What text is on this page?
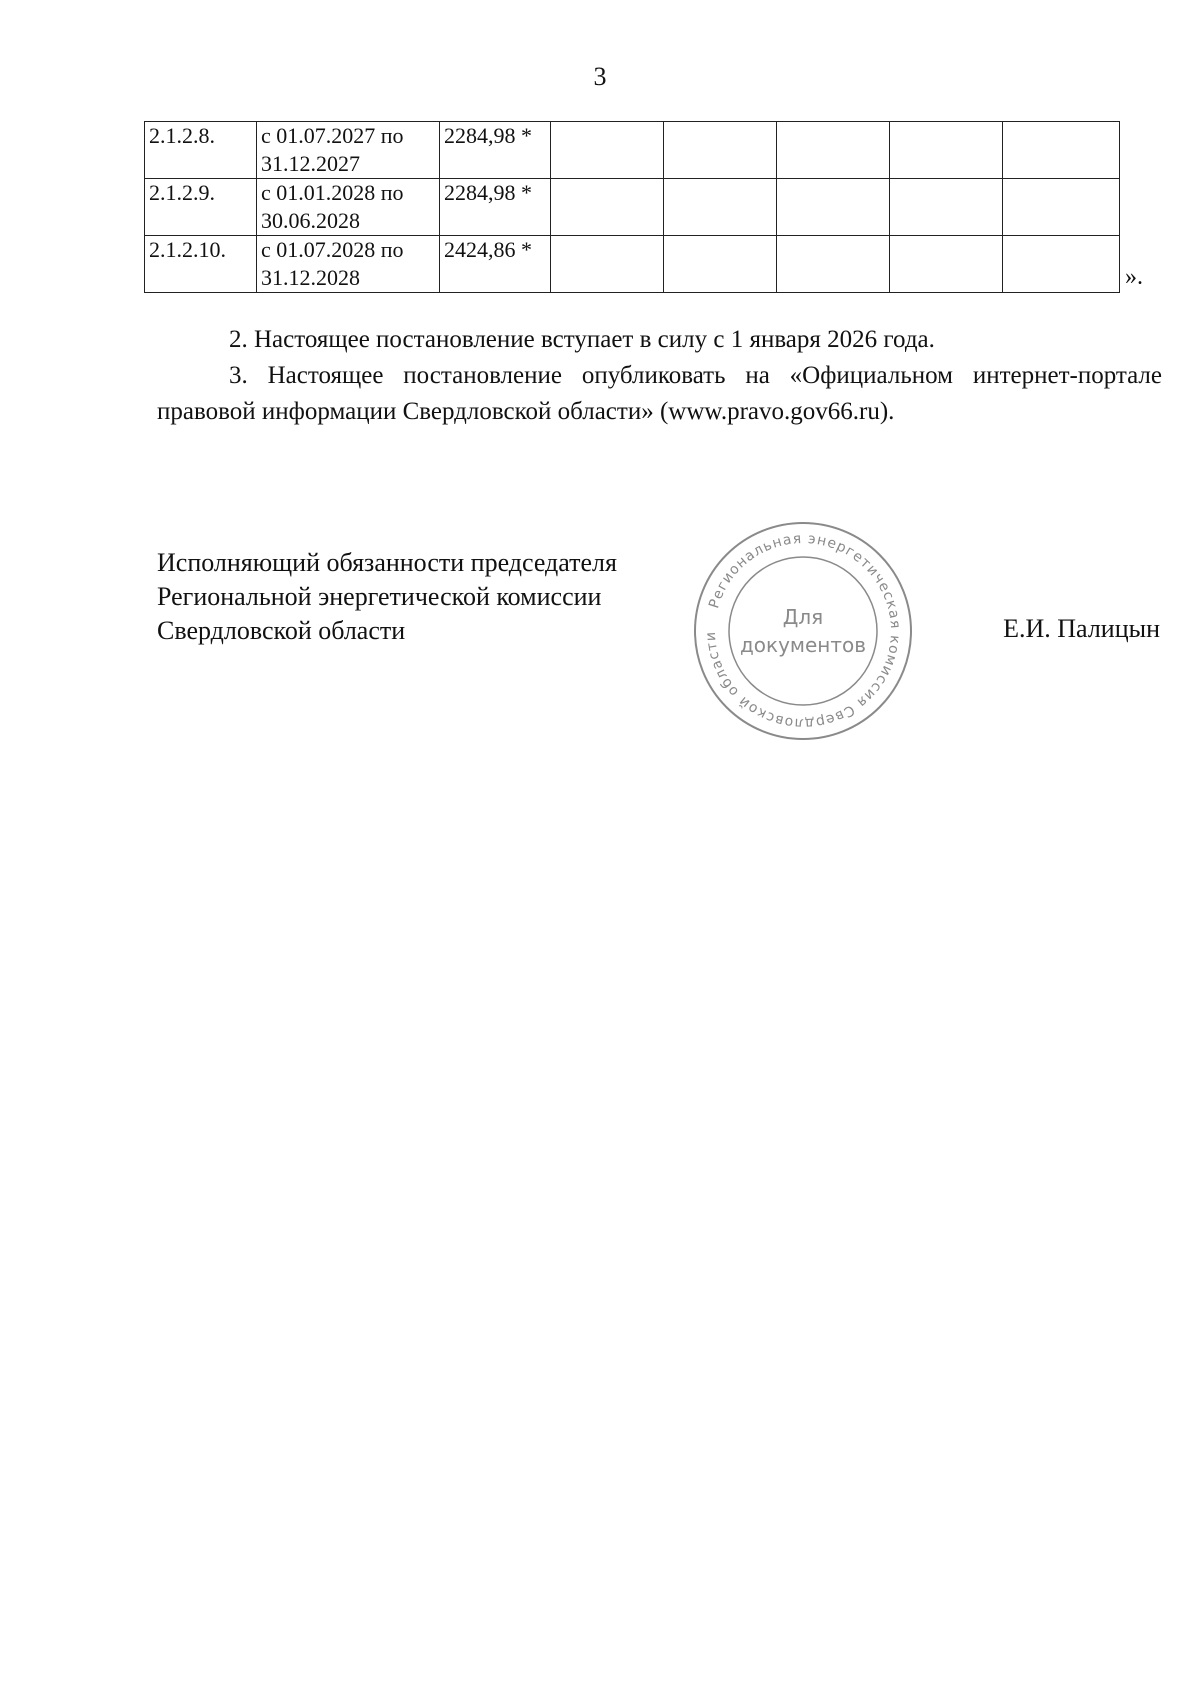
3
2.1.2.8.	с 01.07.2027 по 31.12.2027	2284,98 *					
2.1.2.9.	с 01.01.2028 по 30.06.2028	2284,98 *					
2.1.2.10.	с 01.07.2028 по 31.12.2028	2424,86 *					
».

2. Настоящее постановление вступает в силу с 1 января 2026 года.

3. Настоящее постановление опубликовать на «Официальном интернет-портале правовой информации Свердловской области» (www.pravo.gov66.ru).

Исполняющий обязанности председателя
Региональной энергетической комиссии
Свердловской области
Региональная энергетическая комиссия Свердловской области
Для
документов
Е.И. Палицын
